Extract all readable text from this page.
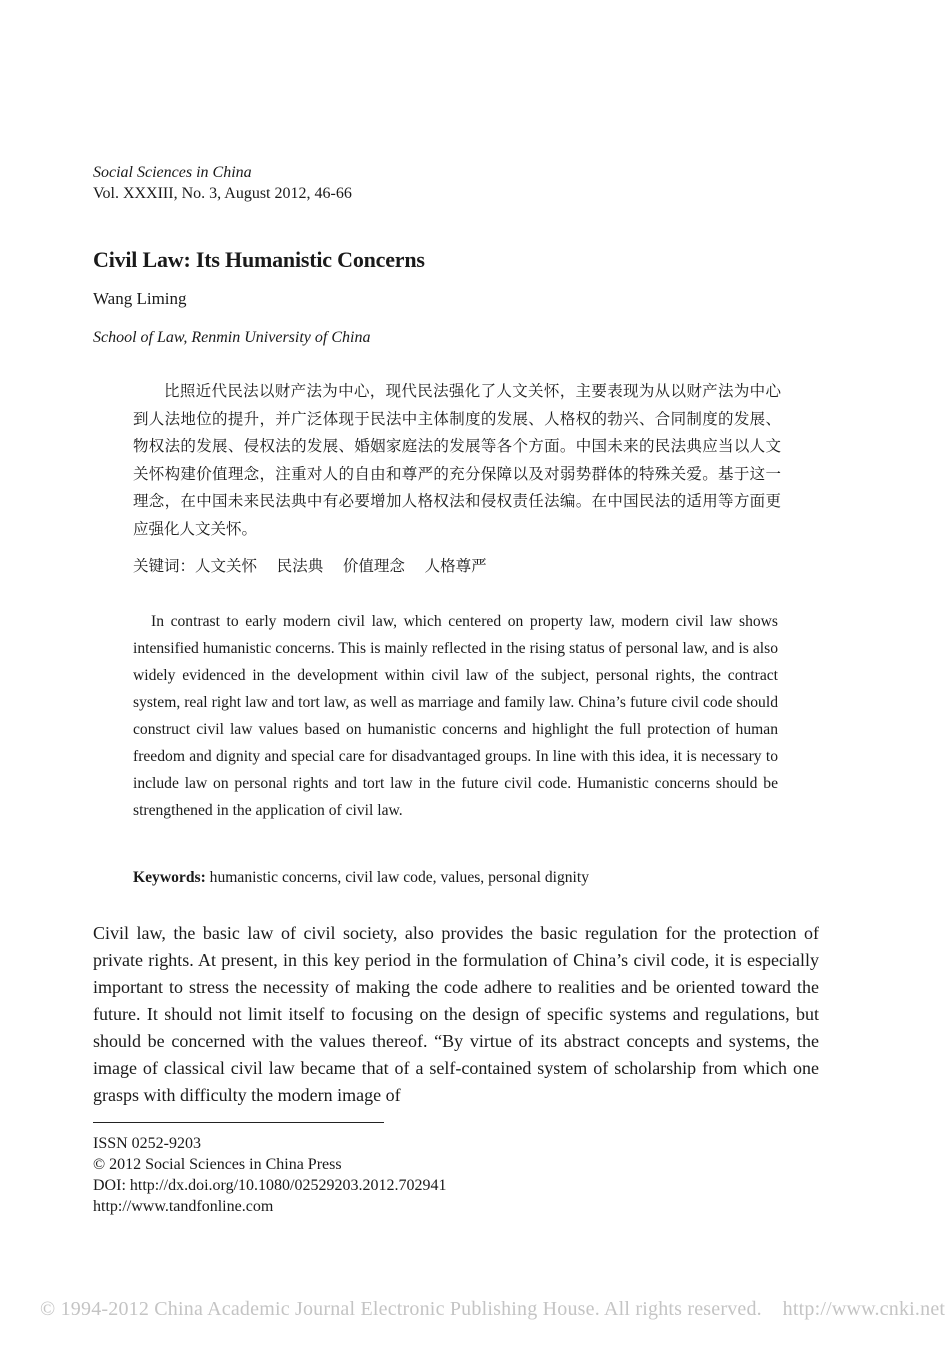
Social Sciences in China
Vol. XXXIII, No. 3, August 2012, 46-66
Civil Law: Its Humanistic Concerns
Wang Liming
School of Law, Renmin University of China

比照近代民法以财产法为中心，现代民法强化了人文关怀，主要表现为从以财产法为中心到人法地位的提升，并广泛体现于民法中主体制度的发展、人格权的勃兴、合同制度的发展、物权法的发展、侵权法的发展、婚姻家庭法的发展等各个方面。中国未来的民法典应当以人文关怀构建价值理念，注重对人的自由和尊严的充分保障以及对弱势群体的特殊关爱。基于这一理念，在中国未来民法典中有必要增加人格权法和侵权责任法编。在中国民法的适用等方面更应强化人文关怀。

关键词：人文关怀    民法典    价值理念    人格尊严

In contrast to early modern civil law, which centered on property law, modern civil law shows intensified humanistic concerns. This is mainly reflected in the rising status of personal law, and is also widely evidenced in the development within civil law of the subject, personal rights, the contract system, real right law and tort law, as well as marriage and family law. China’s future civil code should construct civil law values based on humanistic concerns and highlight the full protection of human freedom and dignity and special care for disadvantaged groups. In line with this idea, it is necessary to include law on personal rights and tort law in the future civil code. Humanistic concerns should be strengthened in the application of civil law.

Keywords: humanistic concerns, civil law code, values, personal dignity

Civil law, the basic law of civil society, also provides the basic regulation for the protection of private rights. At present, in this key period in the formulation of China’s civil code, it is especially important to stress the necessity of making the code adhere to realities and be oriented toward the future. It should not limit itself to focusing on the design of specific systems and regulations, but should be concerned with the values thereof. “By virtue of its abstract concepts and systems, the image of classical civil law became that of a self-contained system of scholarship from which one grasps with difficulty the modern image of

ISSN 0252-9203
© 2012 Social Sciences in China Press
DOI: http://dx.doi.org/10.1080/02529203.2012.702941
http://www.tandfonline.com
© 1994-2012 China Academic Journal Electronic Publishing House. All rights reserved.    http://www.cnki.net
